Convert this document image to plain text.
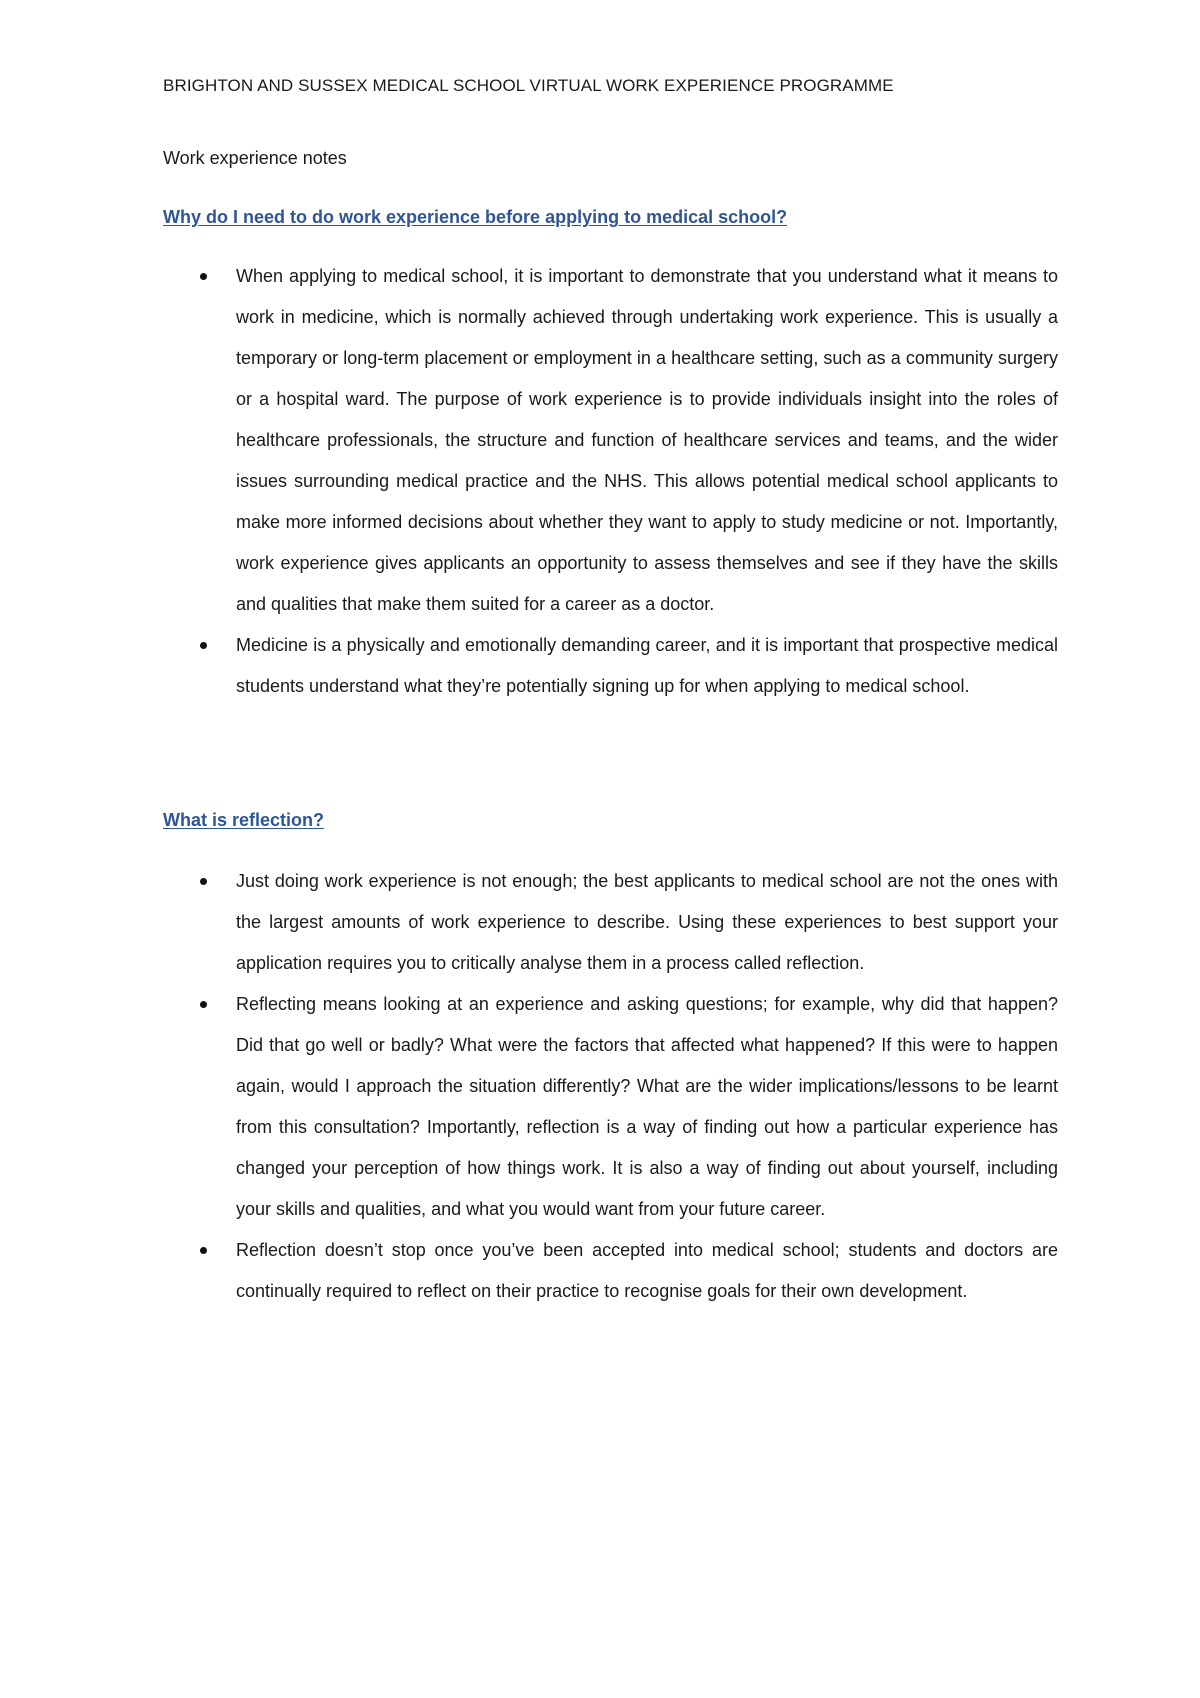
BRIGHTON AND SUSSEX MEDICAL SCHOOL VIRTUAL WORK EXPERIENCE PROGRAMME
Work experience notes
Why do I need to do work experience before applying to medical school?
When applying to medical school, it is important to demonstrate that you understand what it means to work in medicine, which is normally achieved through undertaking work experience. This is usually a temporary or long-term placement or employment in a healthcare setting, such as a community surgery or a hospital ward. The purpose of work experience is to provide individuals insight into the roles of healthcare professionals, the structure and function of healthcare services and teams, and the wider issues surrounding medical practice and the NHS. This allows potential medical school applicants to make more informed decisions about whether they want to apply to study medicine or not. Importantly, work experience gives applicants an opportunity to assess themselves and see if they have the skills and qualities that make them suited for a career as a doctor.
Medicine is a physically and emotionally demanding career, and it is important that prospective medical students understand what they’re potentially signing up for when applying to medical school.
What is reflection?
Just doing work experience is not enough; the best applicants to medical school are not the ones with the largest amounts of work experience to describe. Using these experiences to best support your application requires you to critically analyse them in a process called reflection.
Reflecting means looking at an experience and asking questions; for example, why did that happen? Did that go well or badly? What were the factors that affected what happened? If this were to happen again, would I approach the situation differently? What are the wider implications/lessons to be learnt from this consultation? Importantly, reflection is a way of finding out how a particular experience has changed your perception of how things work. It is also a way of finding out about yourself, including your skills and qualities, and what you would want from your future career.
Reflection doesn’t stop once you’ve been accepted into medical school; students and doctors are continually required to reflect on their practice to recognise goals for their own development.
